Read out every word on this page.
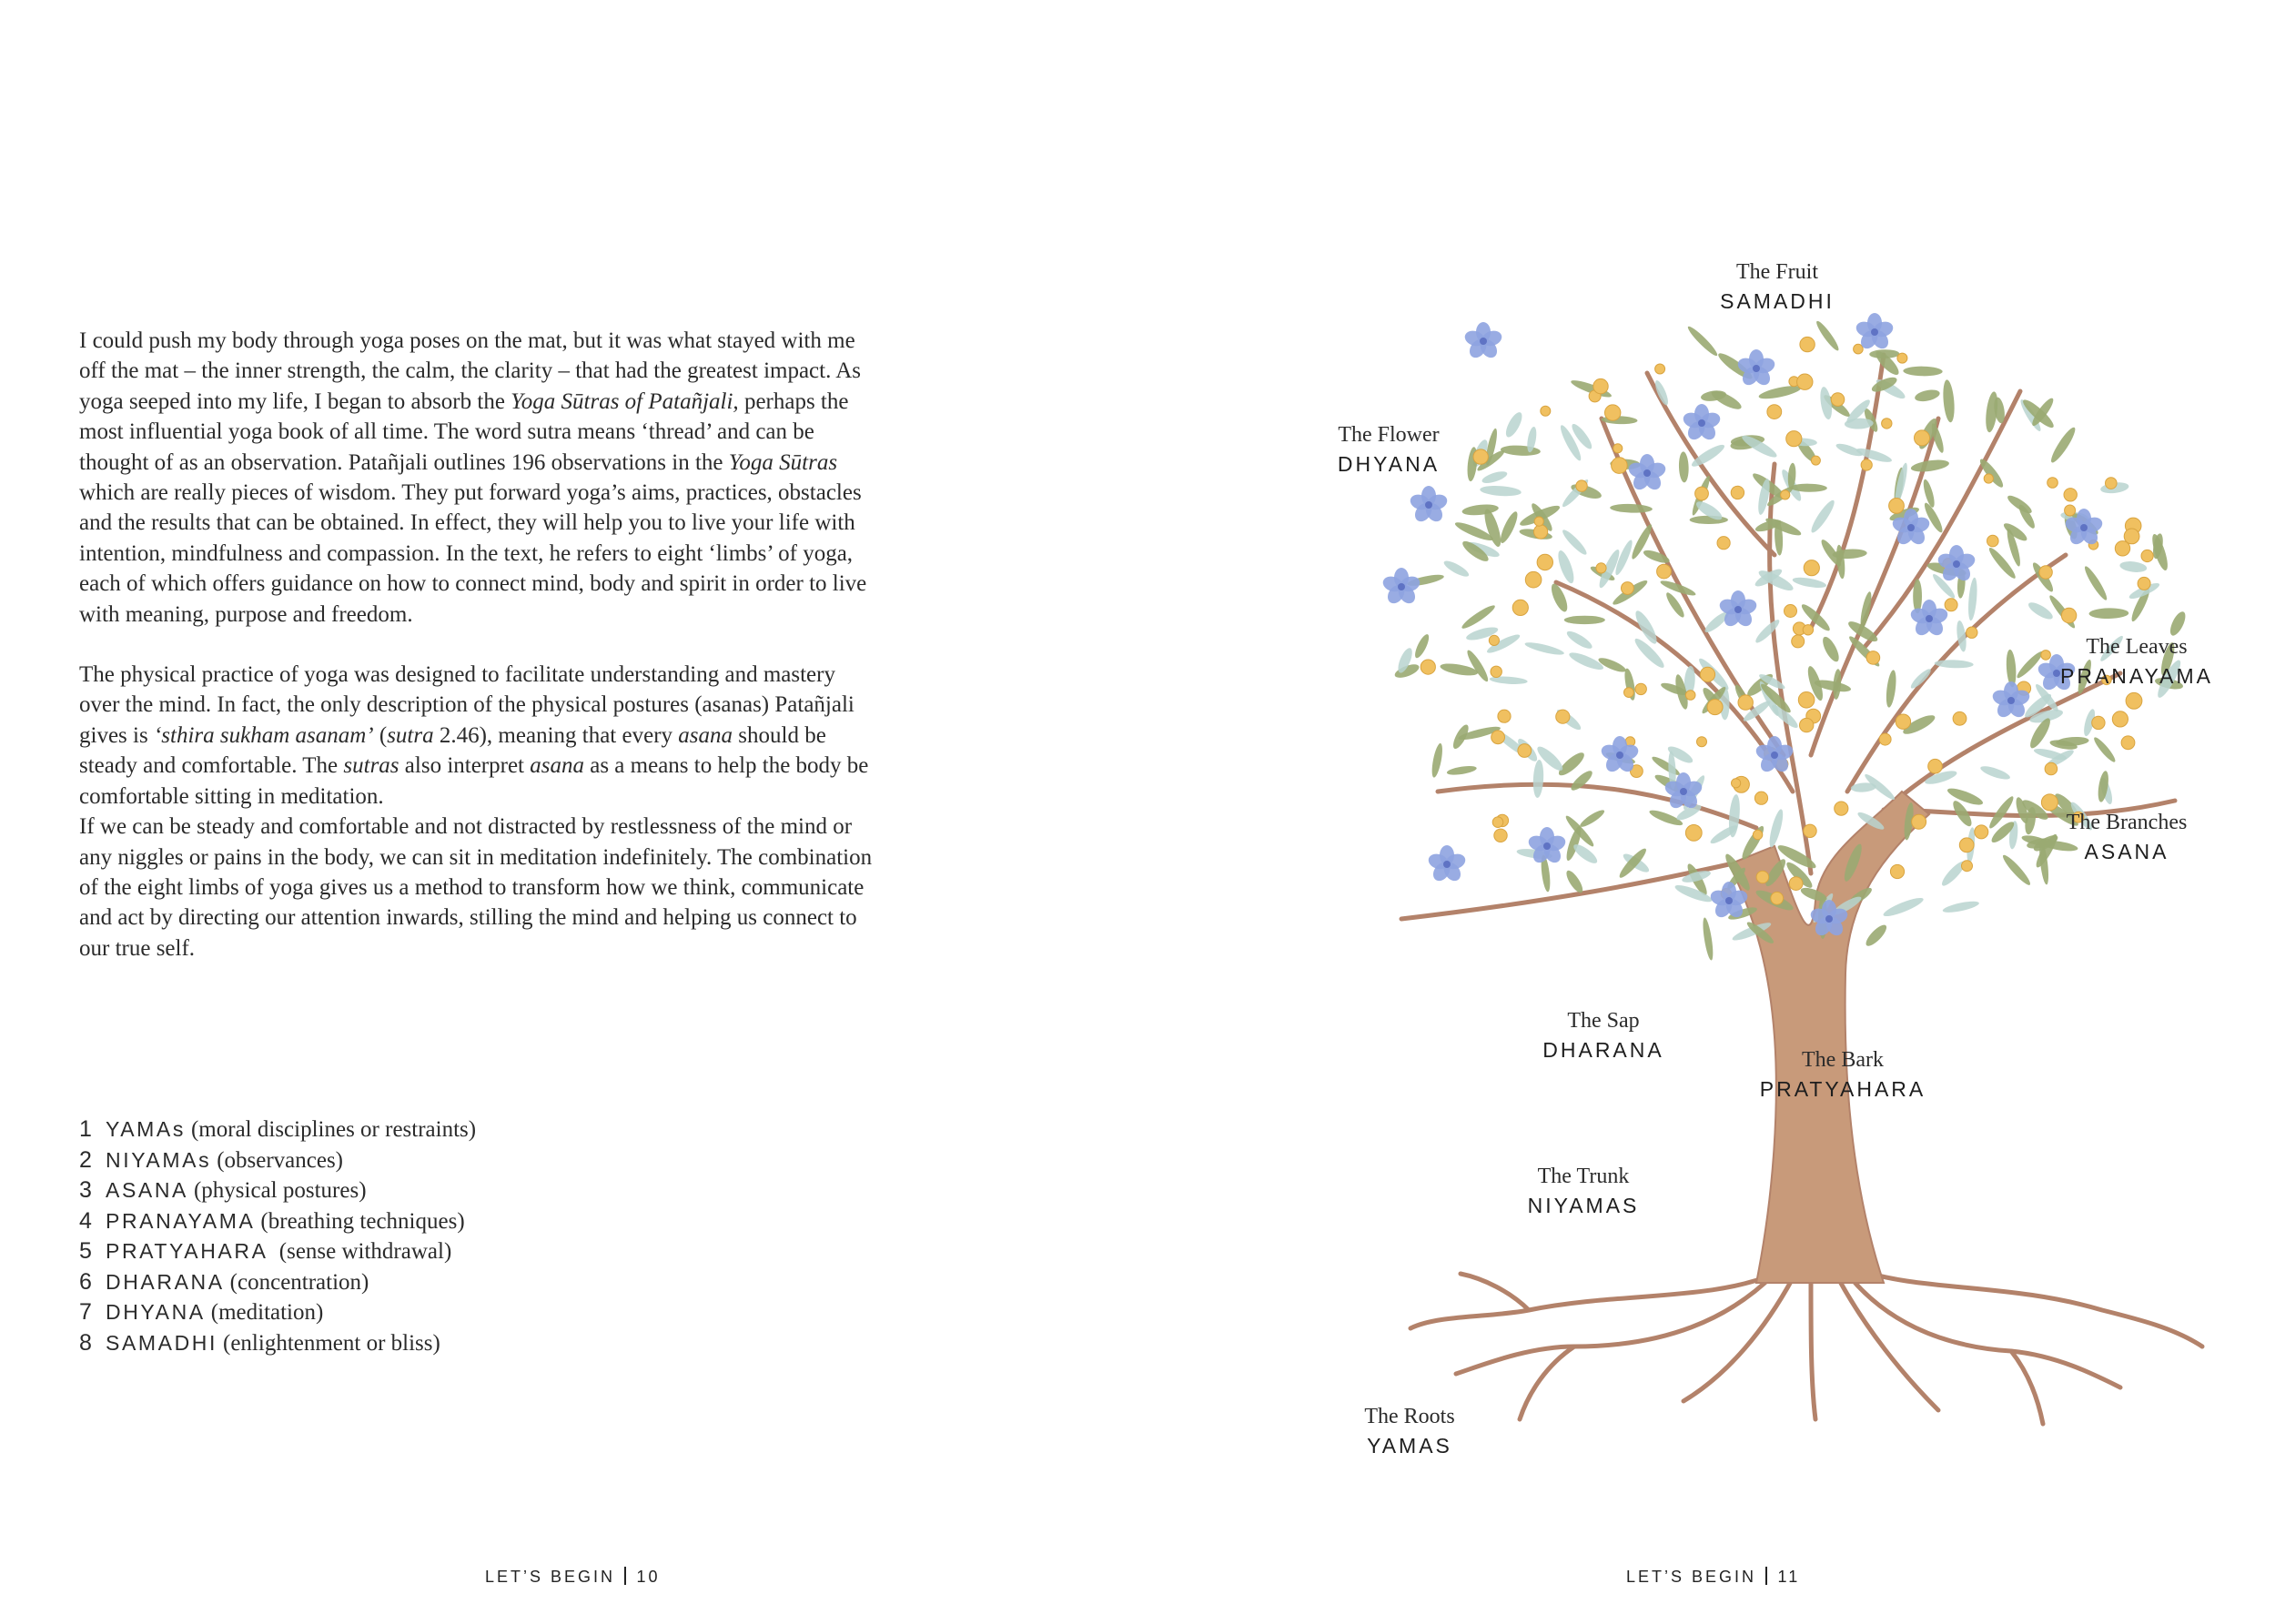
I could push my body through yoga poses on the mat, but it was what stayed with me off the mat – the inner strength, the calm, the clarity – that had the greatest impact. As yoga seeped into my life, I began to absorb the Yoga Sūtras of Patañjali, perhaps the most influential yoga book of all time. The word sutra means ‘thread’ and can be thought of as an observation. Patañjali outlines 196 observations in the Yoga Sūtras which are really pieces of wisdom. They put forward yoga’s aims, practices, obstacles and the results that can be obtained. In effect, they will help you to live your life with intention, mindfulness and compassion. In the text, he refers to eight ‘limbs’ of yoga, each of which offers guidance on how to connect mind, body and spirit in order to live with meaning, purpose and freedom.

The physical practice of yoga was designed to facilitate understanding and mastery over the mind. In fact, the only description of the physical postures (asanas) Patañjali gives is ‘sthira sukham asanam’ (sutra 2.46), meaning that every asana should be steady and comfortable. The sutras also interpret asana as a means to help the body be comfortable sitting in meditation.
If we can be steady and comfortable and not distracted by restlessness of the mind or any niggles or pains in the body, we can sit in meditation indefinitely. The combination of the eight limbs of yoga gives us a method to transform how we think, communicate and act by directing our attention inwards, stilling the mind and helping us connect to our true self.

1 YAMAs (moral disciplines or restraints)
2 NIYAMAs (observances)
3 ASANA (physical postures)
4 PRANAYAMA (breathing techniques)
5 PRATYAHARA (sense withdrawal)
6 DHARANA (concentration)
7 DHYANA (meditation)
8 SAMADHI (enlightenment or bliss)
LET’S BEGIN 10	LET’S BEGIN 11
The Fruit
SAMADHI
The Flower
DHYANA
The Leaves
PRANAYAMA
The Branches
ASANA
The Sap
DHARANA	The Bark
PRATYAHARA
The Trunk
NIYAMAS
The Roots
YAMAS
